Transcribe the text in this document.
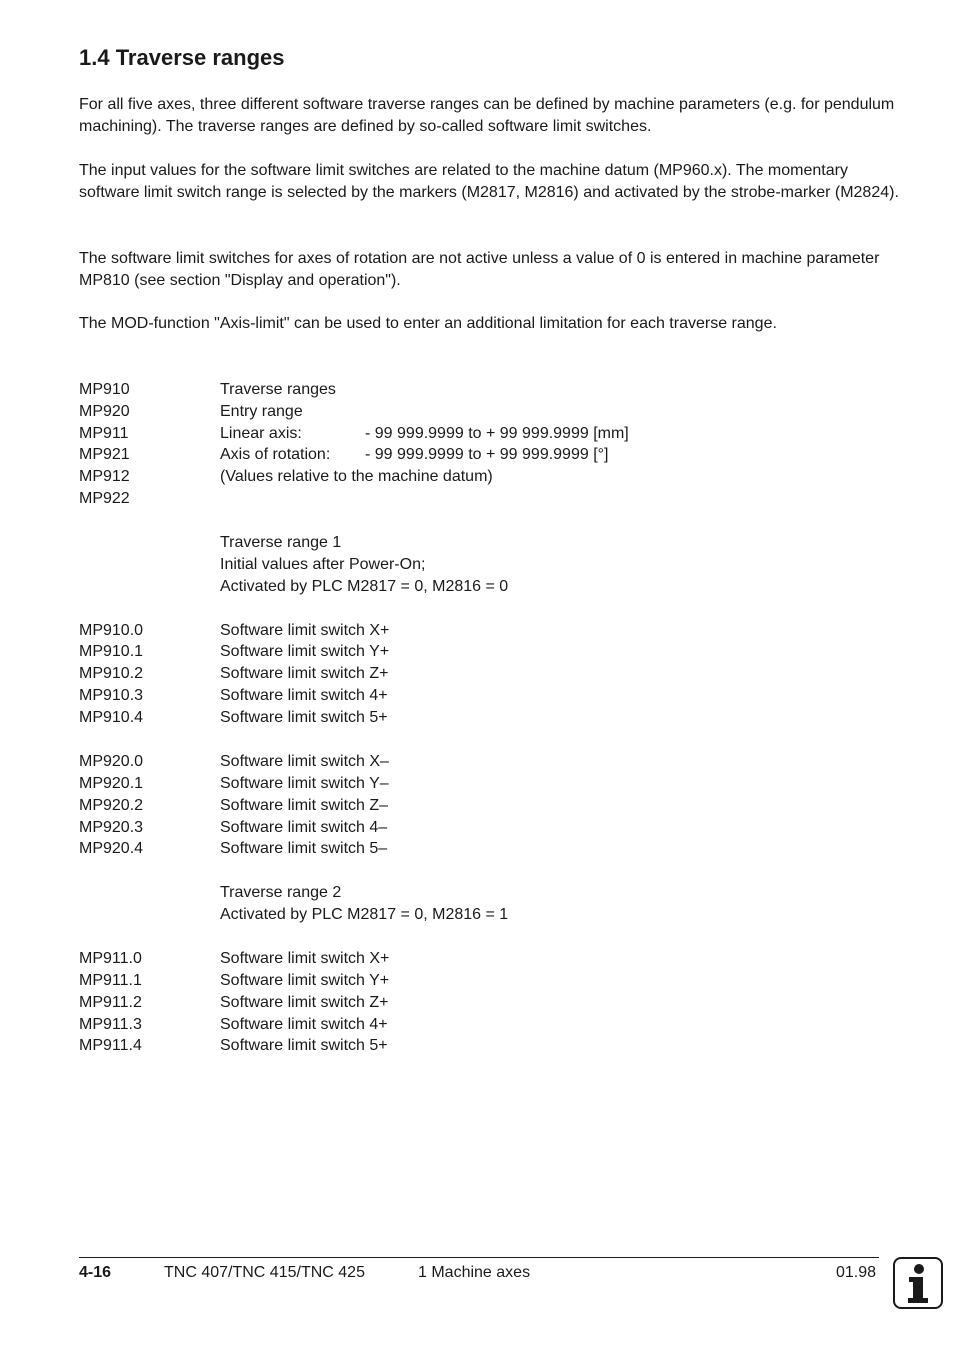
1.4 Traverse ranges

For all five axes, three different software traverse ranges can be defined by machine parameters (e.g. for pendulum machining). The traverse ranges are defined by so-called software limit switches.

The input values for the software limit switches are related to the machine datum (MP960.x). The momentary software limit switch range is selected by the markers (M2817, M2816) and activated by the strobe-marker (M2824).

The software limit switches for axes of rotation are not active unless a value of 0 is entered in machine parameter MP810 (see section "Display and operation").

The MOD-function "Axis-limit" can be used to enter an additional limitation for each traverse range.

MP910	Traverse ranges
MP920	Entry range
MP911	Linear axis:	- 99 999.9999 to + 99 999.9999 [mm]
MP921	Axis of rotation: - 99 999.9999 to + 99 999.9999 [°]
MP912	(Values relative to the machine datum)
MP922
Traverse range 1
Initial values after Power-On;
Activated by PLC M2817 = 0, M2816 = 0
MP910.0	Software limit switch X+
MP910.1	Software limit switch Y+
MP910.2	Software limit switch Z+
MP910.3	Software limit switch 4+
MP910.4	Software limit switch 5+
MP920.0	Software limit switch X–
MP920.1	Software limit switch Y–
MP920.2	Software limit switch Z–
MP920.3	Software limit switch 4–
MP920.4	Software limit switch 5–
Traverse range 2
Activated by PLC M2817 = 0, M2816 = 1
MP911.0	Software limit switch X+
MP911.1	Software limit switch Y+
MP911.2	Software limit switch Z+
MP911.3	Software limit switch 4+
MP911.4	Software limit switch 5+
4-16	TNC 407/TNC 415/TNC 425	1 Machine axes	01.98
